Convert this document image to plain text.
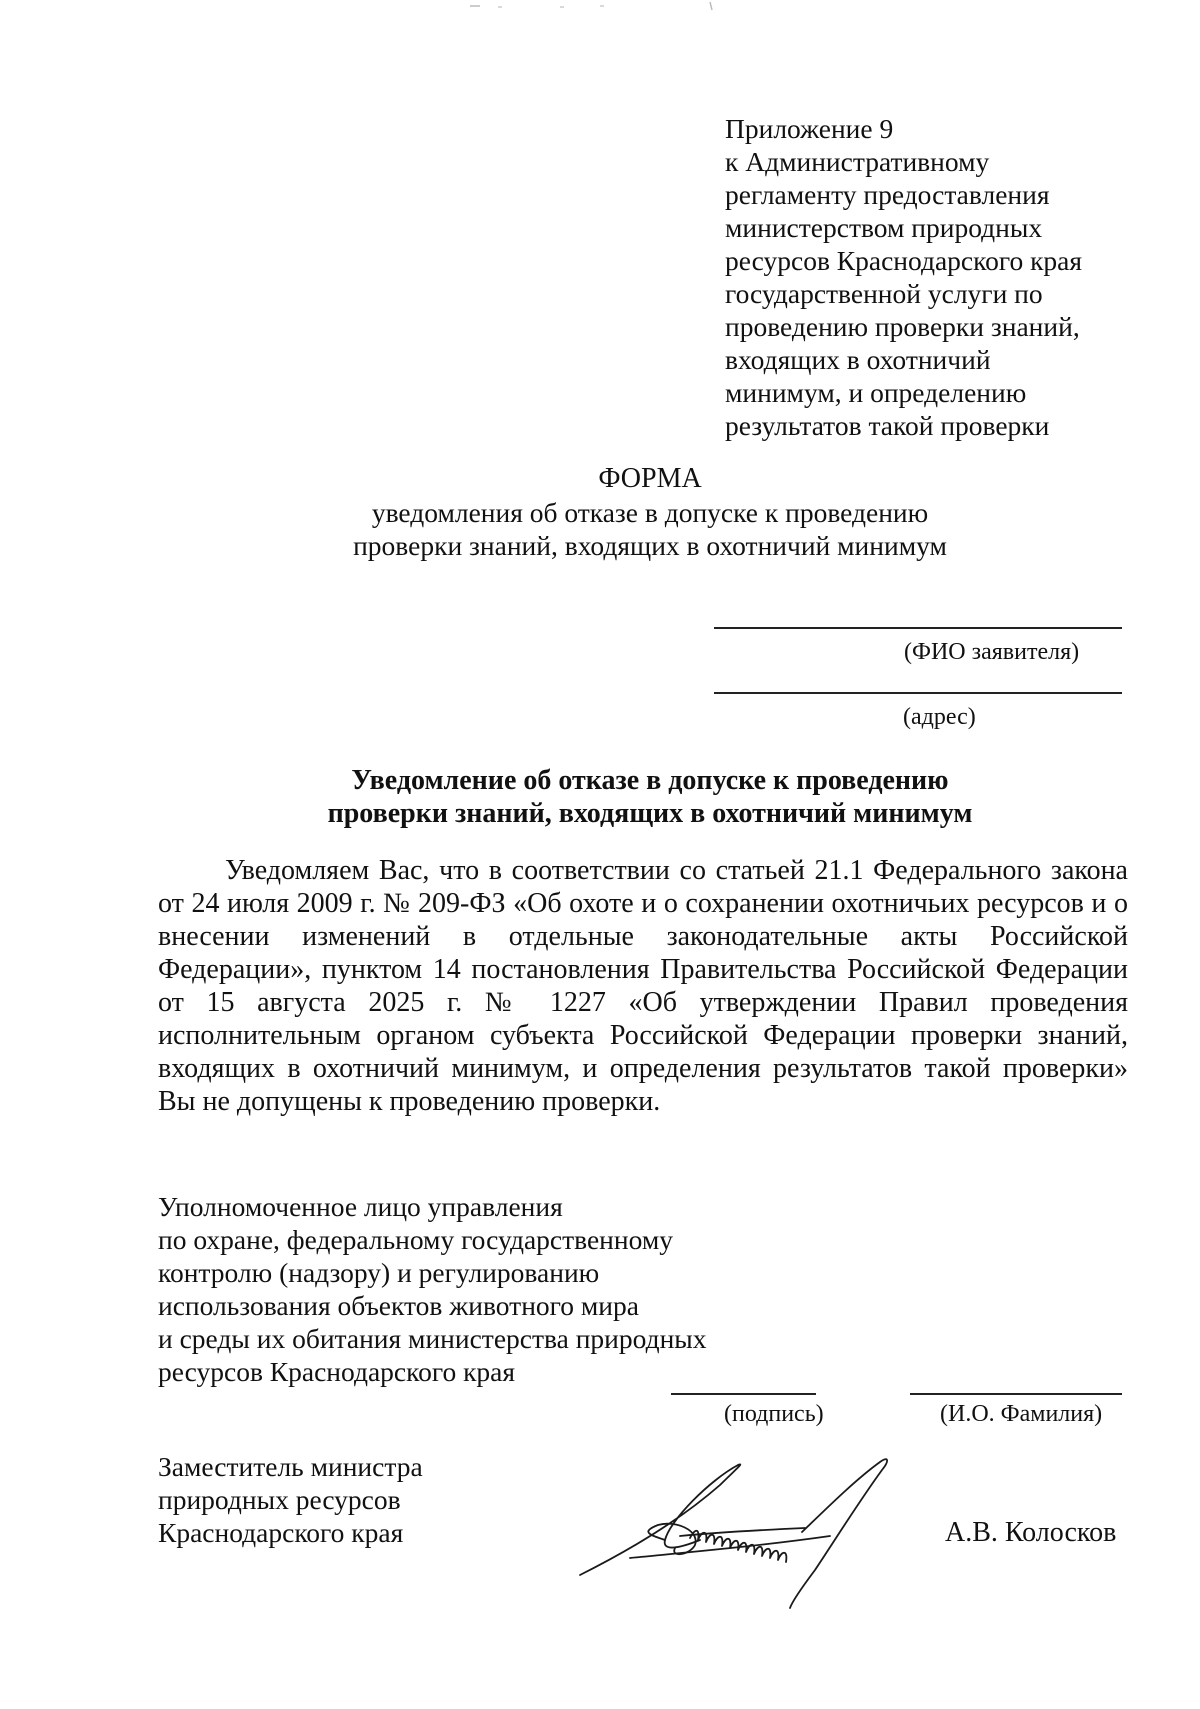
Приложение 9
к Административному
регламенту предоставления
министерством природных
ресурсов Краснодарского края
государственной услуги по
проведению проверки знаний,
входящих в охотничий
минимум, и определению
результатов такой проверки
ФОРМА
уведомления об отказе в допуске к проведению
проверки знаний, входящих в охотничий минимум
(ФИО заявителя)
(адрес)
Уведомление об отказе в допуске к проведению
проверки знаний, входящих в охотничий минимум
Уведомляем Вас, что в соответствии со статьей 21.1 Федерального закона от 24 июля 2009 г. № 209-ФЗ «Об охоте и о сохранении охотничьих ресурсов и о внесении изменений в отдельные законодательные акты Российской Федерации», пунктом 14 постановления Правительства Российской Федерации от 15 августа 2025 г. № 1227 «Об утверждении Правил проведения исполнительным органом субъекта Российской Федерации проверки знаний, входящих в охотничий минимум, и определения результатов такой проверки» Вы не допущены к проведению проверки.
Уполномоченное лицо управления
по охране, федеральному государственному
контролю (надзору) и регулированию
использования объектов животного мира
и среды их обитания министерства природных
ресурсов Краснодарского края
(подпись)	(И.О. Фамилия)
Заместитель министра
природных ресурсов
Краснодарского края	А.В. Колосков
